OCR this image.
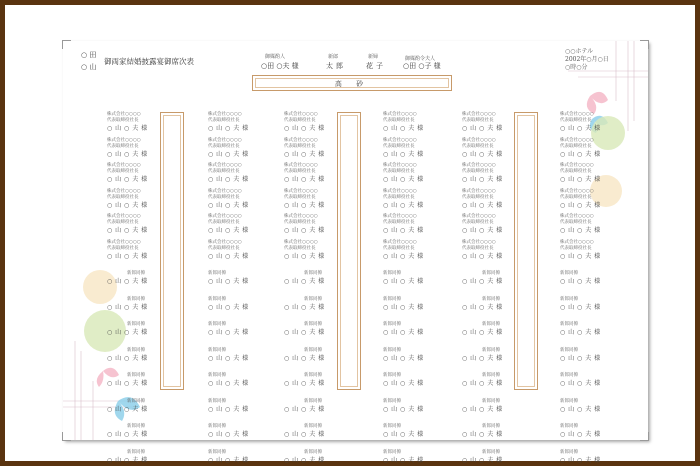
○ 田
○ 山
御両家結婚披露宴御席次表	御媒酌人
○田 ○夫 様
新郎
太郎
新婦
花子
御媒酌令夫人
○田 ○子 様
○○ホテル
2002年○月○日
○時○分
高 砂
株式会社○○○○
代表取締役社長
○ 山 ○ 夫 様
株式会社○○○○
代表取締役社長
○ 山 ○ 夫 様
株式会社○○○○
代表取締役社長
○ 山 ○ 夫 様
株式会社○○○○
代表取締役社長
○ 山 ○ 夫 様
株式会社○○○○
代表取締役社長
○ 山 ○ 夫 様
株式会社○○○○
代表取締役社長
○ 山 ○ 夫 様
新郎同僚
○ 山 ○ 夫 様
新郎同僚
○ 山 ○ 夫 様
新郎同僚
○ 山 ○ 夫 様
新郎同僚
○ 山 ○ 夫 様
新郎同僚
○ 山 ○ 夫 様
新郎同僚
○ 山 ○ 夫 様
新郎同僚
○ 山 ○ 夫 様
新郎同僚
○ 山 ○ 夫 様
株式会社○○○○
代表取締役社長
○ 山 ○ 夫 様
株式会社○○○○
代表取締役社長
○ 山 ○ 夫 様
株式会社○○○○
代表取締役社長
○ 山 ○ 夫 様
株式会社○○○○
代表取締役社長
○ 山 ○ 夫 様
株式会社○○○○
代表取締役社長
○ 山 ○ 夫 様
株式会社○○○○
代表取締役社長
○ 山 ○ 夫 様
新郎同僚
○ 山 ○ 夫 様
新郎同僚
○ 山 ○ 夫 様
新郎同僚
○ 山 ○ 夫 様
新郎同僚
○ 山 ○ 夫 様
新郎同僚
○ 山 ○ 夫 様
新郎同僚
○ 山 ○ 夫 様
新郎同僚
○ 山 ○ 夫 様
新郎同僚
○ 山 ○ 夫 様
株式会社○○○○
代表取締役社長
○ 山 ○ 夫 様
株式会社○○○○
代表取締役社長
○ 山 ○ 夫 様
株式会社○○○○
代表取締役社長
○ 山 ○ 夫 様
株式会社○○○○
代表取締役社長
○ 山 ○ 夫 様
株式会社○○○○
代表取締役社長
○ 山 ○ 夫 様
株式会社○○○○
代表取締役社長
○ 山 ○ 夫 様
新郎同僚
○ 山 ○ 夫 様
新郎同僚
○ 山 ○ 夫 様
新郎同僚
○ 山 ○ 夫 様
新郎同僚
○ 山 ○ 夫 様
新郎同僚
○ 山 ○ 夫 様
新郎同僚
○ 山 ○ 夫 様
新郎同僚
○ 山 ○ 夫 様
新郎同僚
○ 山 ○ 夫 様
株式会社○○○○
代表取締役社長
○ 山 ○ 夫 様
株式会社○○○○
代表取締役社長
○ 山 ○ 夫 様
株式会社○○○○
代表取締役社長
○ 山 ○ 夫 様
株式会社○○○○
代表取締役社長
○ 山 ○ 夫 様
株式会社○○○○
代表取締役社長
○ 山 ○ 夫 様
株式会社○○○○
代表取締役社長
○ 山 ○ 夫 様
新郎同僚
○ 山 ○ 夫 様
新郎同僚
○ 山 ○ 夫 様
新郎同僚
○ 山 ○ 夫 様
新郎同僚
○ 山 ○ 夫 様
新郎同僚
○ 山 ○ 夫 様
新郎同僚
○ 山 ○ 夫 様
新郎同僚
○ 山 ○ 夫 様
新郎同僚
○ 山 ○ 夫 様
株式会社○○○○
代表取締役社長
○ 山 ○ 夫 様
株式会社○○○○
代表取締役社長
○ 山 ○ 夫 様
株式会社○○○○
代表取締役社長
○ 山 ○ 夫 様
株式会社○○○○
代表取締役社長
○ 山 ○ 夫 様
株式会社○○○○
代表取締役社長
○ 山 ○ 夫 様
株式会社○○○○
代表取締役社長
○ 山 ○ 夫 様
新郎同僚
○ 山 ○ 夫 様
新郎同僚
○ 山 ○ 夫 様
新郎同僚
○ 山 ○ 夫 様
新郎同僚
○ 山 ○ 夫 様
新郎同僚
○ 山 ○ 夫 様
新郎同僚
○ 山 ○ 夫 様
新郎同僚
○ 山 ○ 夫 様
新郎同僚
○ 山 ○ 夫 様
株式会社○○○○
代表取締役社長
○ 山 ○ 夫 様
株式会社○○○○
代表取締役社長
○ 山 ○ 夫 様
株式会社○○○○
代表取締役社長
○ 山 ○ 夫 様
株式会社○○○○
代表取締役社長
○ 山 ○ 夫 様
株式会社○○○○
代表取締役社長
○ 山 ○ 夫 様
株式会社○○○○
代表取締役社長
○ 山 ○ 夫 様
新郎同僚
○ 山 ○ 夫 様
新郎同僚
○ 山 ○ 夫 様
新郎同僚
○ 山 ○ 夫 様
新郎同僚
○ 山 ○ 夫 様
新郎同僚
○ 山 ○ 夫 様
新郎同僚
○ 山 ○ 夫 様
新郎同僚
○ 山 ○ 夫 様
新郎同僚
○ 山 ○ 夫 様
